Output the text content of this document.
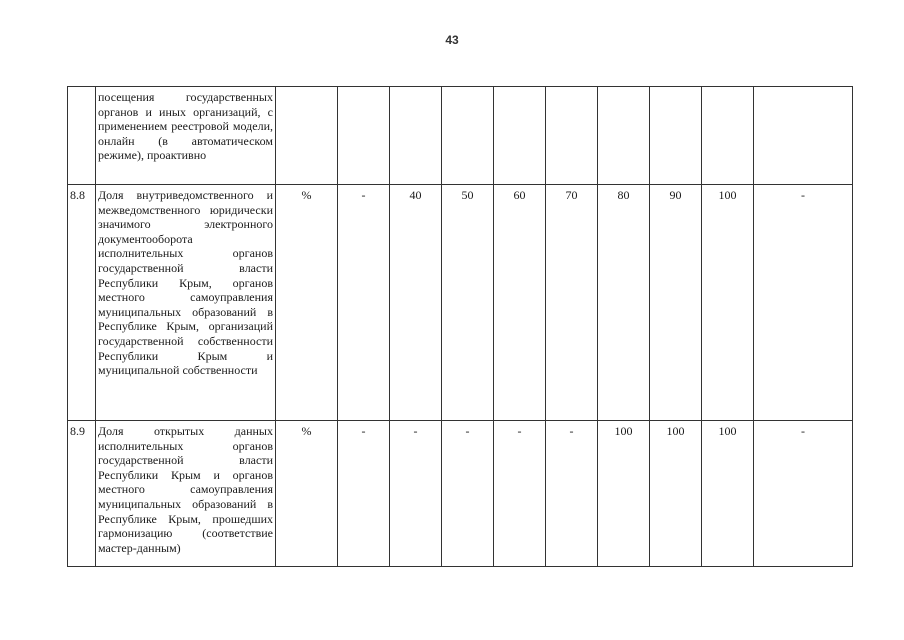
43
	посещения государственных органов и иных организаций, с применением реестровой модели, онлайн (в автоматическом режиме), проактивно										
8.8	Доля внутриведомственного и межведомственного юридически значимого электронного документооборота исполнительных органов государственной власти Республики Крым, органов местного самоуправления муниципальных образований в Республике Крым, организаций государственной собственности Республики Крым и муниципальной собственности	%	-	40	50	60	70	80	90	100	-
8.9	Доля открытых данных исполнительных органов государственной власти Республики Крым и органов местного самоуправления муниципальных образований в Республике Крым, прошедших гармонизацию (соответствие мастер-данным)	%	-	-	-	-	-	100	100	100	-
